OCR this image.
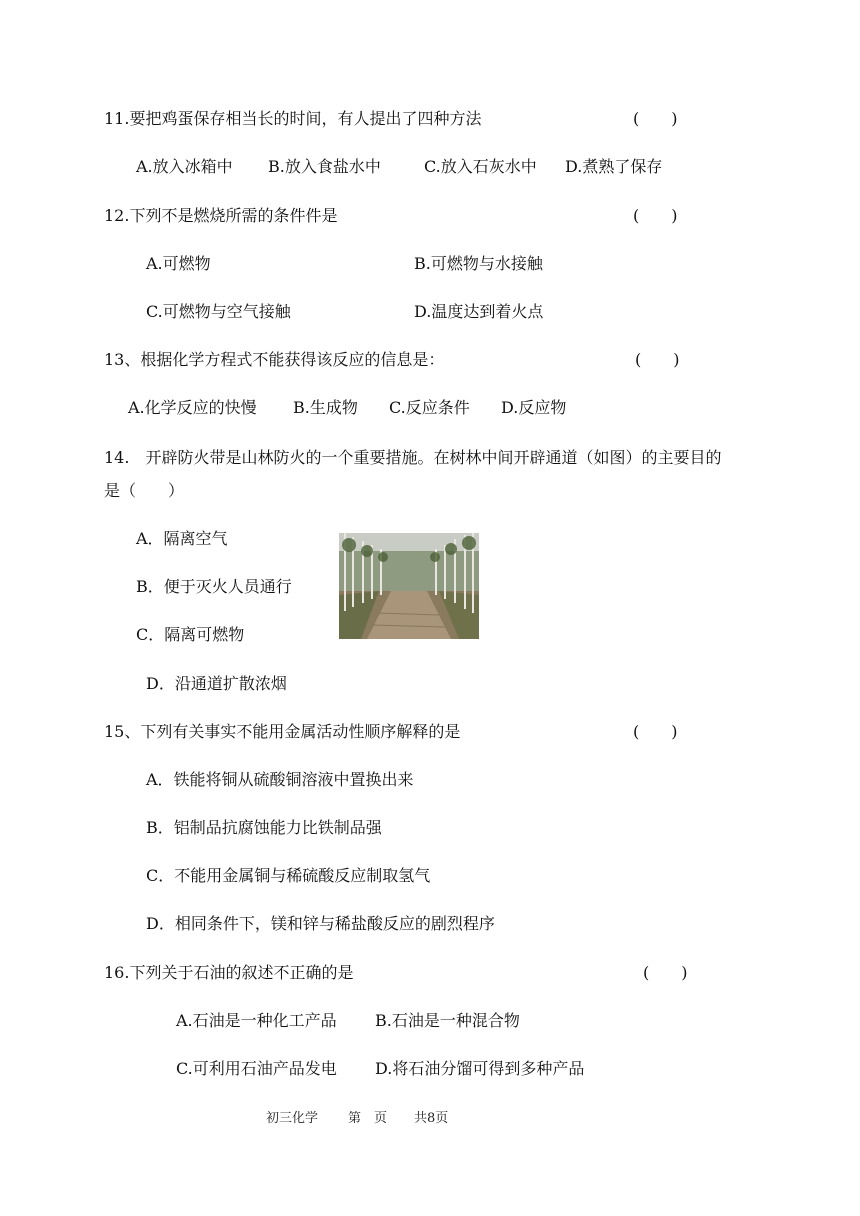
11.要把鸡蛋保存相当长的时间，有人提出了四种方法	(　　)
A.放入冰箱中 B.放入食盐水中	C.放入石灰水中 D.煮熟了保存
12.下列不是燃烧所需的条件件是	(　　)
A.可燃物	B.可燃物与水接触
C.可燃物与空气接触	D.温度达到着火点
13、根据化学方程式不能获得该反应的信息是：	(　　)
A.化学反应的快慢 B.生成物 C.反应条件 D.反应物
14.　开辟防火带是山林防火的一个重要措施。在树林中间开辟通道（如图）的主要目的
是（　　）
A．隔离空气
B．便于灭火人员通行
C．隔离可燃物
D．沿通道扩散浓烟
15、下列有关事实不能用金属活动性顺序解释的是	(　　)
A．铁能将铜从硫酸铜溶液中置换出来
B．铝制品抗腐蚀能力比铁制品强
C．不能用金属铜与稀硫酸反应制取氢气
D．相同条件下，镁和锌与稀盐酸反应的剧烈程序
16.下列关于石油的叙述不正确的是	(　　)
A.石油是一种化工产品 B.石油是一种混合物
C.可利用石油产品发电 D.将石油分馏可得到多种产品
初三化学 第　页 共8页
